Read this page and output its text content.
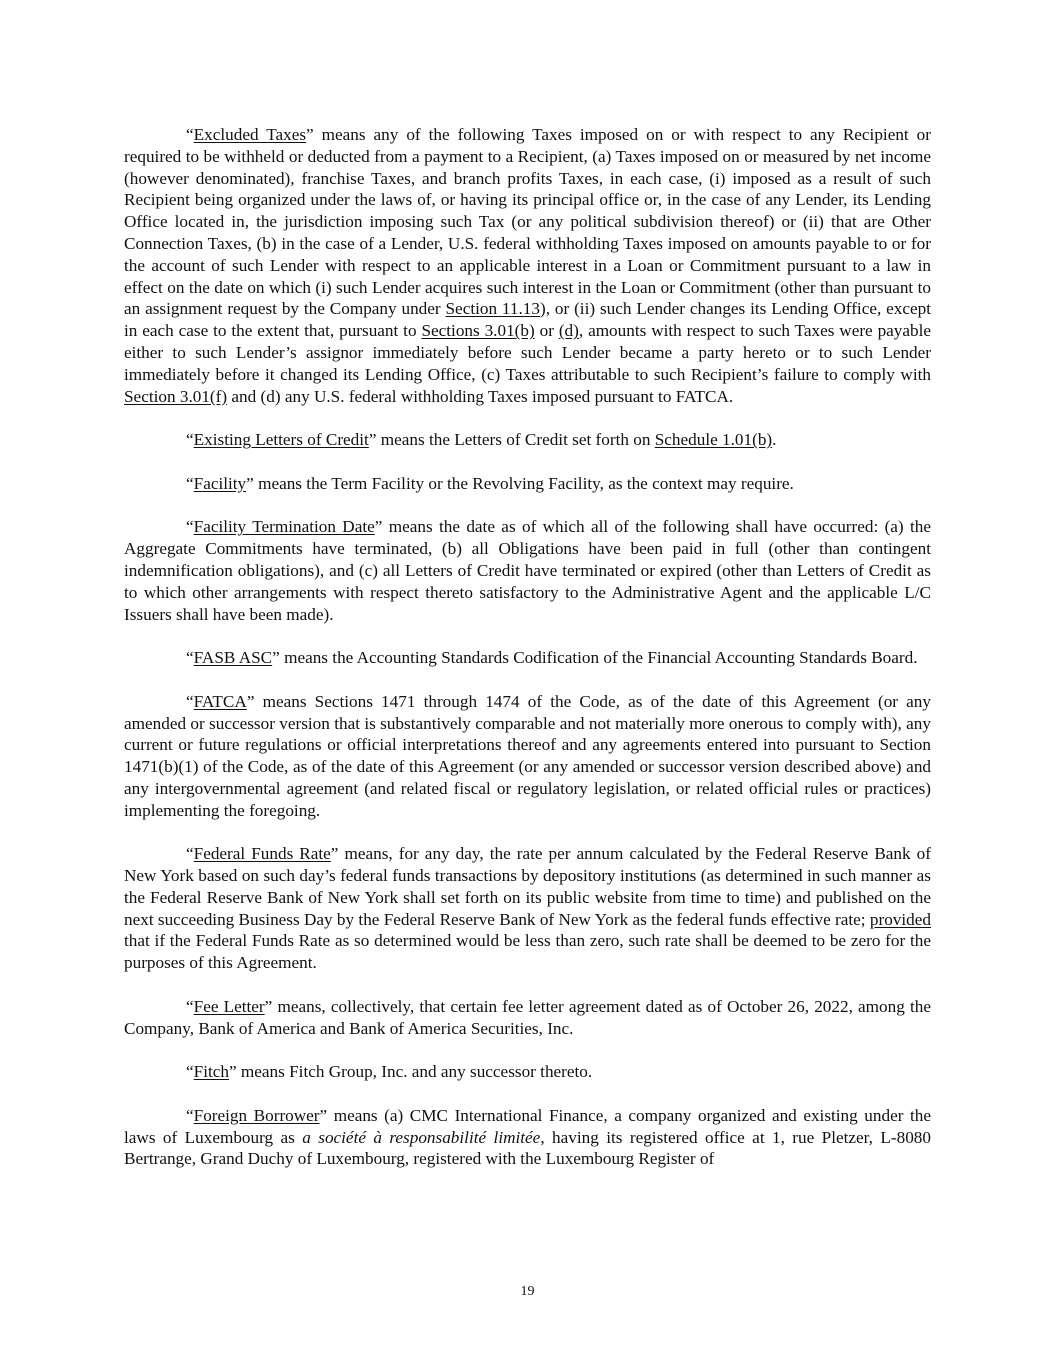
“Excluded Taxes” means any of the following Taxes imposed on or with respect to any Recipient or required to be withheld or deducted from a payment to a Recipient, (a) Taxes imposed on or measured by net income (however denominated), franchise Taxes, and branch profits Taxes, in each case, (i) imposed as a result of such Recipient being organized under the laws of, or having its principal office or, in the case of any Lender, its Lending Office located in, the jurisdiction imposing such Tax (or any political subdivision thereof) or (ii) that are Other Connection Taxes, (b) in the case of a Lender, U.S. federal withholding Taxes imposed on amounts payable to or for the account of such Lender with respect to an applicable interest in a Loan or Commitment pursuant to a law in effect on the date on which (i) such Lender acquires such interest in the Loan or Commitment (other than pursuant to an assignment request by the Company under Section 11.13), or (ii) such Lender changes its Lending Office, except in each case to the extent that, pursuant to Sections 3.01(b) or (d), amounts with respect to such Taxes were payable either to such Lender’s assignor immediately before such Lender became a party hereto or to such Lender immediately before it changed its Lending Office, (c) Taxes attributable to such Recipient’s failure to comply with Section 3.01(f) and (d) any U.S. federal withholding Taxes imposed pursuant to FATCA.

“Existing Letters of Credit” means the Letters of Credit set forth on Schedule 1.01(b).

“Facility” means the Term Facility or the Revolving Facility, as the context may require.

“Facility Termination Date” means the date as of which all of the following shall have occurred: (a) the Aggregate Commitments have terminated, (b) all Obligations have been paid in full (other than contingent indemnification obligations), and (c) all Letters of Credit have terminated or expired (other than Letters of Credit as to which other arrangements with respect thereto satisfactory to the Administrative Agent and the applicable L/C Issuers shall have been made).

“FASB ASC” means the Accounting Standards Codification of the Financial Accounting Standards Board.

“FATCA” means Sections 1471 through 1474 of the Code, as of the date of this Agreement (or any amended or successor version that is substantively comparable and not materially more onerous to comply with), any current or future regulations or official interpretations thereof and any agreements entered into pursuant to Section 1471(b)(1) of the Code, as of the date of this Agreement (or any amended or successor version described above) and any intergovernmental agreement (and related fiscal or regulatory legislation, or related official rules or practices) implementing the foregoing.

“Federal Funds Rate” means, for any day, the rate per annum calculated by the Federal Reserve Bank of New York based on such day’s federal funds transactions by depository institutions (as determined in such manner as the Federal Reserve Bank of New York shall set forth on its public website from time to time) and published on the next succeeding Business Day by the Federal Reserve Bank of New York as the federal funds effective rate; provided that if the Federal Funds Rate as so determined would be less than zero, such rate shall be deemed to be zero for the purposes of this Agreement.

“Fee Letter” means, collectively, that certain fee letter agreement dated as of October 26, 2022, among the Company, Bank of America and Bank of America Securities, Inc.

“Fitch” means Fitch Group, Inc. and any successor thereto.

“Foreign Borrower” means (a) CMC International Finance, a company organized and existing under the laws of Luxembourg as a société à responsabilité limitée, having its registered office at 1, rue Pletzer, L-8080 Bertrange, Grand Duchy of Luxembourg, registered with the Luxembourg Register of

19
